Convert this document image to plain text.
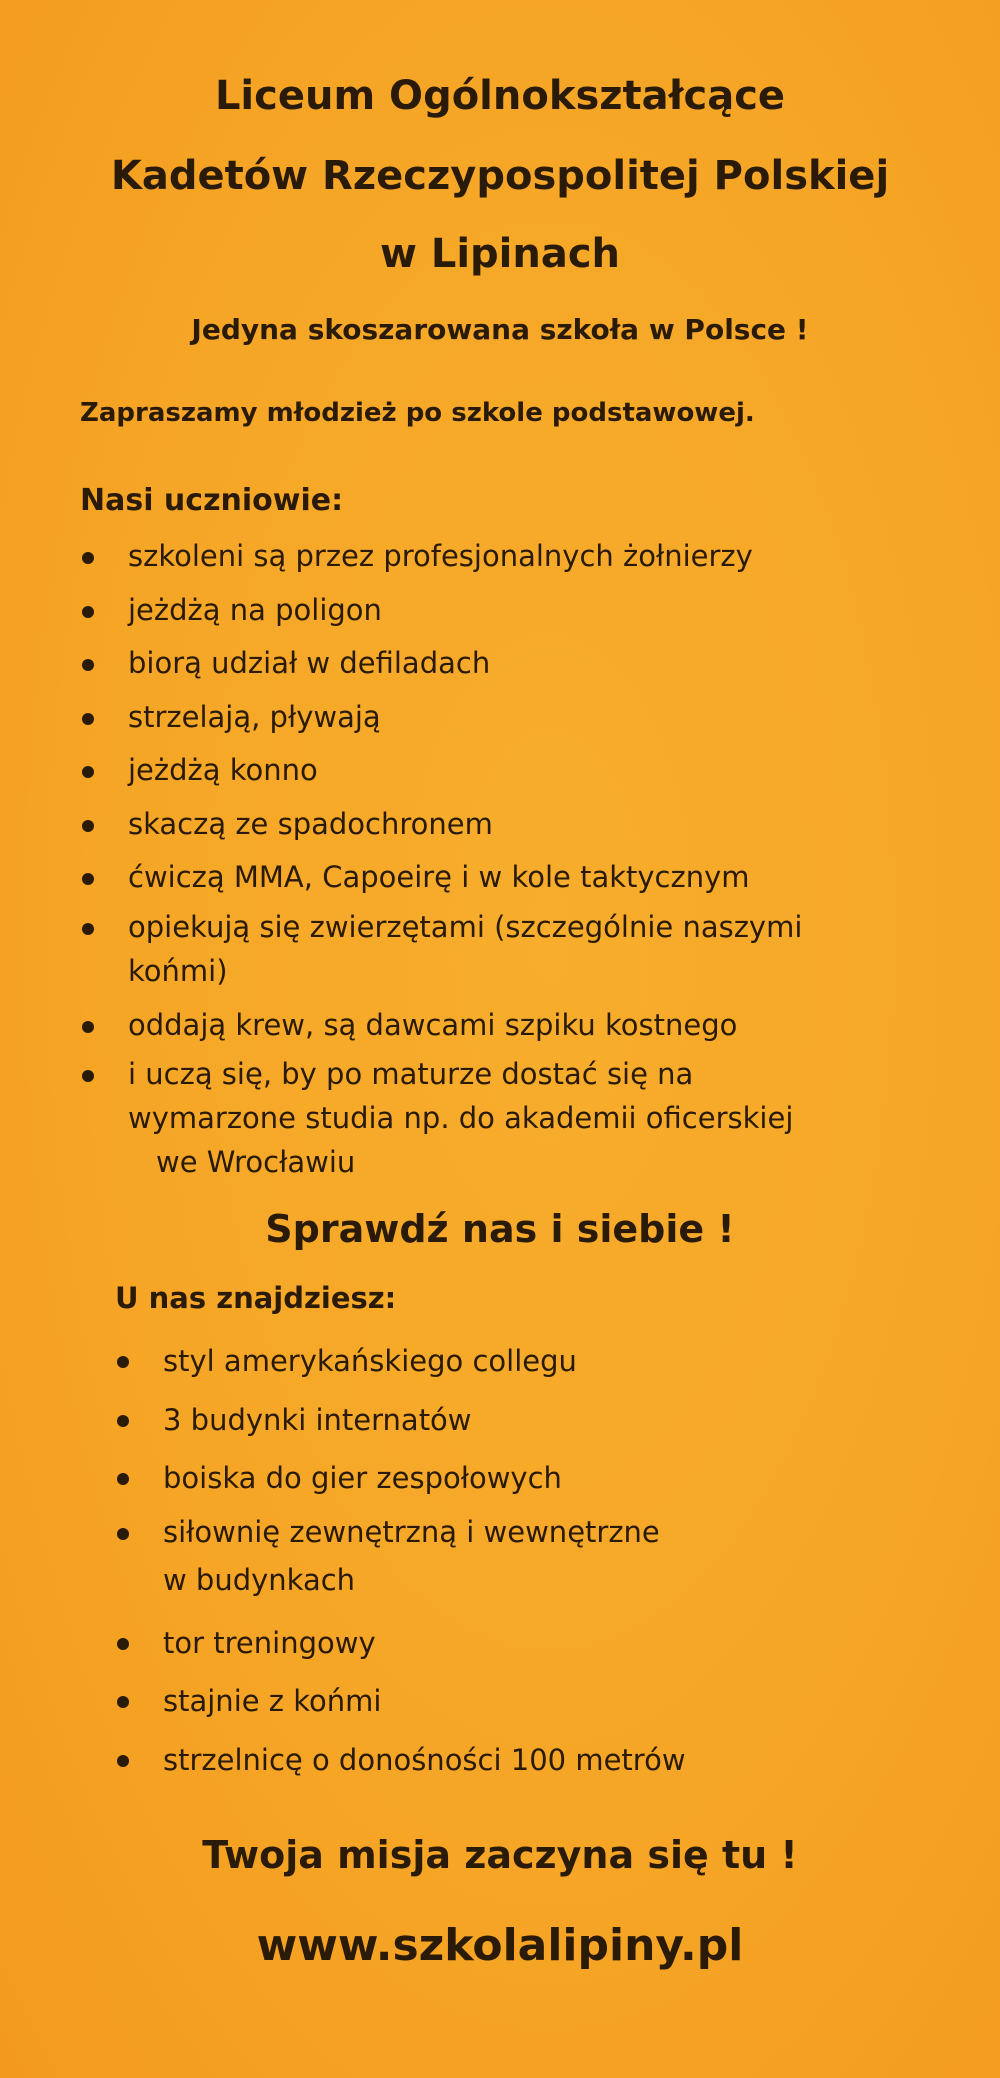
Liceum Ogólnokształcące
Kadetów Rzeczypospolitej Polskiej
w Lipinach
Jedyna skoszarowana szkoła w Polsce !
Zapraszamy młodzież po szkole podstawowej.
Nasi uczniowie:
szkoleni są przez profesjonalnych żołnierzy
jeżdżą na poligon
biorą udział w defiladach
strzelają, pływają
jeżdżą konno
skaczą ze spadochronem
ćwiczą MMA, Capoeirę i w kole taktycznym
opiekują się zwierzętami (szczególnie naszymi
końmi)
oddają krew, są dawcami szpiku kostnego
i uczą się, by po maturze dostać się na
wymarzone studia np. do akademii oficerskiej
we Wrocławiu
Sprawdź nas i siebie !
U nas znajdziesz:
styl amerykańskiego collegu
3 budynki internatów
boiska do gier zespołowych
siłownię zewnętrzną i wewnętrzne
w budynkach
tor treningowy
stajnie z końmi
strzelnicę o donośności 100 metrów
Twoja misja zaczyna się tu !
www.szkolalipiny.pl
